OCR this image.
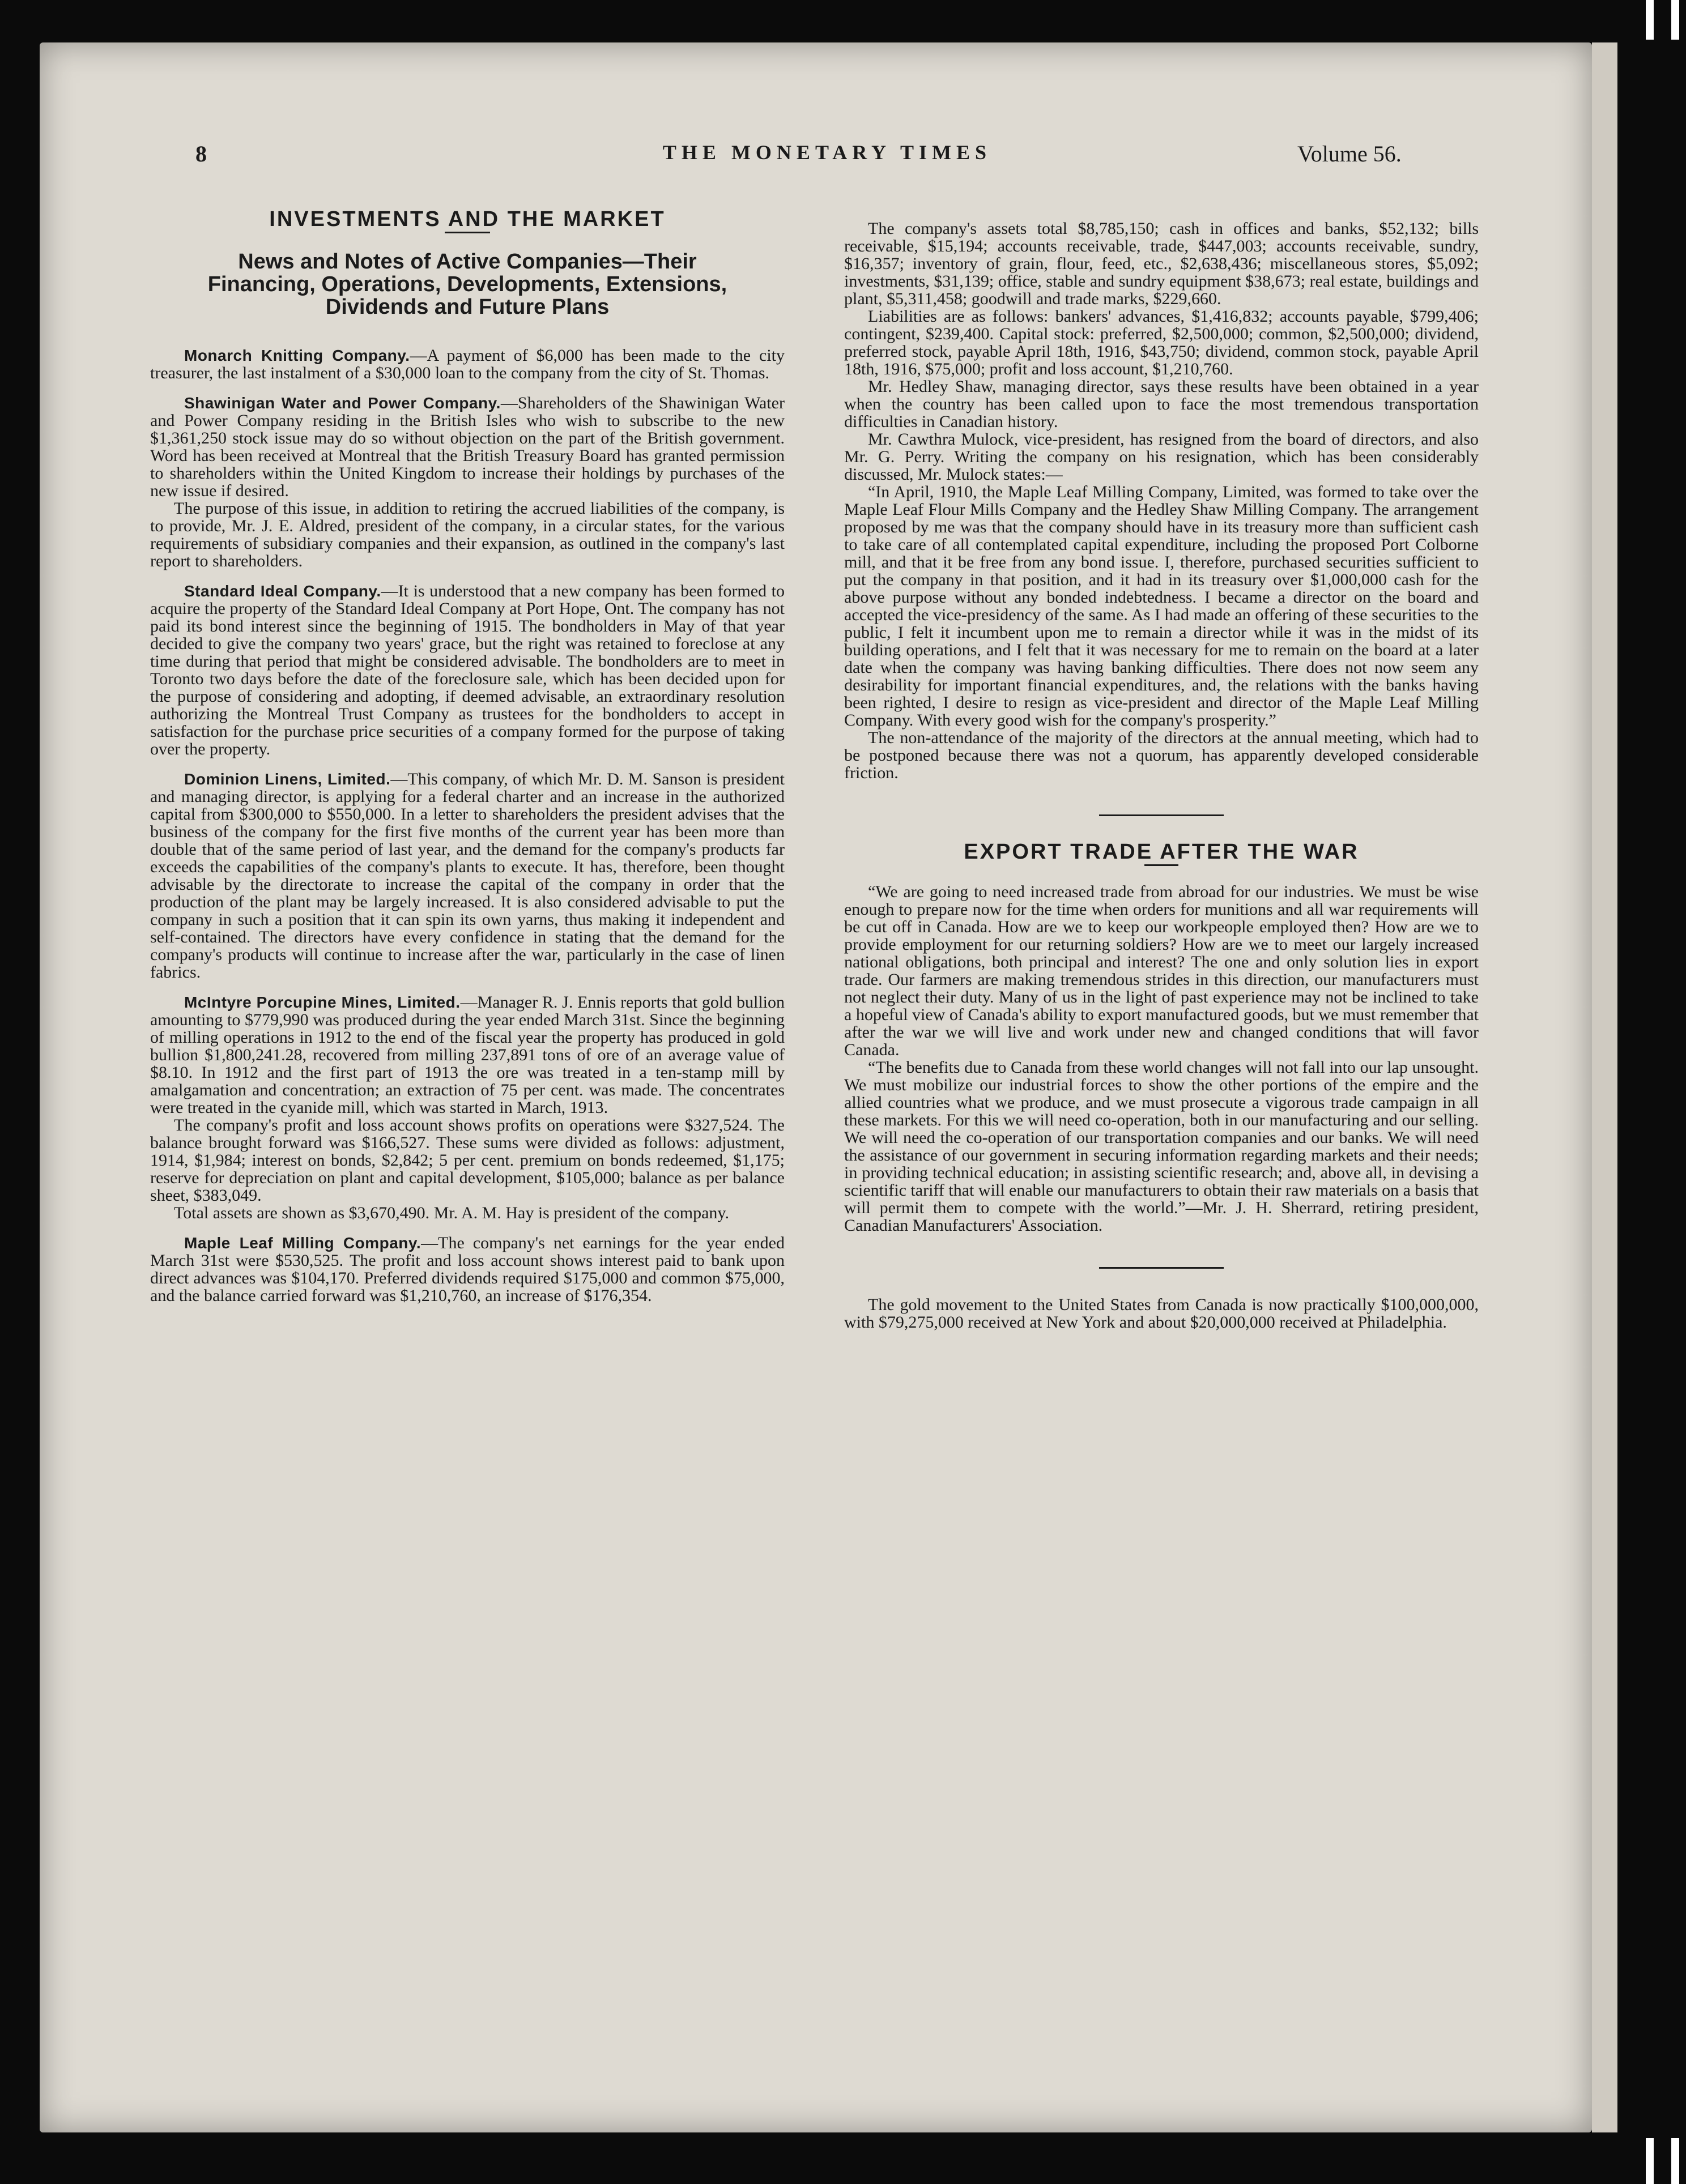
8	THE MONETARY TIMES	Volume 56.
INVESTMENTS AND THE MARKET
News and Notes of Active Companies—Their Financing, Operations, Developments, Extensions, Dividends and Future Plans

Monarch Knitting Company.—A payment of $6,000 has been made to the city treasurer, the last instalment of a $30,000 loan to the company from the city of St. Thomas.

Shawinigan Water and Power Company.—Shareholders of the Shawinigan Water and Power Company residing in the British Isles who wish to subscribe to the new $1,361,250 stock issue may do so without objection on the part of the British government. Word has been received at Montreal that the British Treasury Board has granted permission to shareholders within the United Kingdom to increase their holdings by purchases of the new issue if desired.

The purpose of this issue, in addition to retiring the accrued liabilities of the company, is to provide, Mr. J. E. Aldred, president of the company, in a circular states, for the various requirements of subsidiary companies and their expansion, as outlined in the company's last report to shareholders.

Standard Ideal Company.—It is understood that a new company has been formed to acquire the property of the Standard Ideal Company at Port Hope, Ont. The company has not paid its bond interest since the beginning of 1915. The bondholders in May of that year decided to give the company two years' grace, but the right was retained to foreclose at any time during that period that might be considered advisable. The bondholders are to meet in Toronto two days before the date of the foreclosure sale, which has been decided upon for the purpose of considering and adopting, if deemed advisable, an extraordinary resolution authorizing the Montreal Trust Company as trustees for the bondholders to accept in satisfaction for the purchase price securities of a company formed for the purpose of taking over the property.

Dominion Linens, Limited.—This company, of which Mr. D. M. Sanson is president and managing director, is applying for a federal charter and an increase in the authorized capital from $300,000 to $550,000. In a letter to shareholders the president advises that the business of the company for the first five months of the current year has been more than double that of the same period of last year, and the demand for the company's products far exceeds the capabilities of the company's plants to execute. It has, therefore, been thought advisable by the directorate to increase the capital of the company in order that the production of the plant may be largely increased. It is also considered advisable to put the company in such a position that it can spin its own yarns, thus making it independent and self-contained. The directors have every confidence in stating that the demand for the company's products will continue to increase after the war, particularly in the case of linen fabrics.

McIntyre Porcupine Mines, Limited.—Manager R. J. Ennis reports that gold bullion amounting to $779,990 was produced during the year ended March 31st. Since the beginning of milling operations in 1912 to the end of the fiscal year the property has produced in gold bullion $1,800,241.28, recovered from milling 237,891 tons of ore of an average value of $8.10. In 1912 and the first part of 1913 the ore was treated in a ten-stamp mill by amalgamation and concentration; an extraction of 75 per cent. was made. The concentrates were treated in the cyanide mill, which was started in March, 1913.

The company's profit and loss account shows profits on operations were $327,524. The balance brought forward was $166,527. These sums were divided as follows: adjustment, 1914, $1,984; interest on bonds, $2,842; 5 per cent. premium on bonds redeemed, $1,175; reserve for depreciation on plant and capital development, $105,000; balance as per balance sheet, $383,049.

Total assets are shown as $3,670,490. Mr. A. M. Hay is president of the company.

Maple Leaf Milling Company.—The company's net earnings for the year ended March 31st were $530,525. The profit and loss account shows interest paid to bank upon direct advances was $104,170. Preferred dividends required $175,000 and common $75,000, and the balance carried forward was $1,210,760, an increase of $176,354.

The company's assets total $8,785,150; cash in offices and banks, $52,132; bills receivable, $15,194; accounts receivable, trade, $447,003; accounts receivable, sundry, $16,357; inventory of grain, flour, feed, etc., $2,638,436; miscellaneous stores, $5,092; investments, $31,139; office, stable and sundry equipment $38,673; real estate, buildings and plant, $5,311,458; goodwill and trade marks, $229,660.

Liabilities are as follows: bankers' advances, $1,416,832; accounts payable, $799,406; contingent, $239,400. Capital stock: preferred, $2,500,000; common, $2,500,000; dividend, preferred stock, payable April 18th, 1916, $43,750; dividend, common stock, payable April 18th, 1916, $75,000; profit and loss account, $1,210,760.

Mr. Hedley Shaw, managing director, says these results have been obtained in a year when the country has been called upon to face the most tremendous transportation difficulties in Canadian history.

Mr. Cawthra Mulock, vice-president, has resigned from the board of directors, and also Mr. G. Perry. Writing the company on his resignation, which has been considerably discussed, Mr. Mulock states:—

“In April, 1910, the Maple Leaf Milling Company, Limited, was formed to take over the Maple Leaf Flour Mills Company and the Hedley Shaw Milling Company. The arrangement proposed by me was that the company should have in its treasury more than sufficient cash to take care of all contemplated capital expenditure, including the proposed Port Colborne mill, and that it be free from any bond issue. I, therefore, purchased securities sufficient to put the company in that position, and it had in its treasury over $1,000,000 cash for the above purpose without any bonded indebtedness. I became a director on the board and accepted the vice-presidency of the same. As I had made an offering of these securities to the public, I felt it incumbent upon me to remain a director while it was in the midst of its building operations, and I felt that it was necessary for me to remain on the board at a later date when the company was having banking difficulties. There does not now seem any desirability for important financial expenditures, and, the relations with the banks having been righted, I desire to resign as vice-president and director of the Maple Leaf Milling Company. With every good wish for the company's prosperity.”

The non-attendance of the majority of the directors at the annual meeting, which had to be postponed because there was not a quorum, has apparently developed considerable friction.

EXPORT TRADE AFTER THE WAR

“We are going to need increased trade from abroad for our industries. We must be wise enough to prepare now for the time when orders for munitions and all war requirements will be cut off in Canada. How are we to keep our workpeople employed then? How are we to provide employment for our returning soldiers? How are we to meet our largely increased national obligations, both principal and interest? The one and only solution lies in export trade. Our farmers are making tremendous strides in this direction, our manufacturers must not neglect their duty. Many of us in the light of past experience may not be inclined to take a hopeful view of Canada's ability to export manufactured goods, but we must remember that after the war we will live and work under new and changed conditions that will favor Canada.

“The benefits due to Canada from these world changes will not fall into our lap unsought. We must mobilize our industrial forces to show the other portions of the empire and the allied countries what we produce, and we must prosecute a vigorous trade campaign in all these markets. For this we will need co-operation, both in our manufacturing and our selling. We will need the co-operation of our transportation companies and our banks. We will need the assistance of our government in securing information regarding markets and their needs; in providing technical education; in assisting scientific research; and, above all, in devising a scientific tariff that will enable our manufacturers to obtain their raw materials on a basis that will permit them to compete with the world.”—Mr. J. H. Sherrard, retiring president, Canadian Manufacturers' Association.

The gold movement to the United States from Canada is now practically $100,000,000, with $79,275,000 received at New York and about $20,000,000 received at Philadelphia.
